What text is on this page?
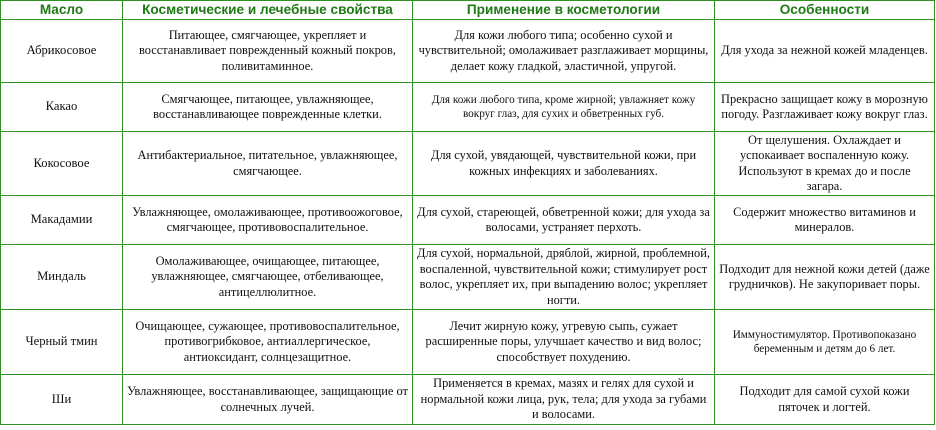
Масло	Косметические и лечебные свойства	Применение в косметологии	Особенности
Абрикосовое	Питающее, смягчающее, укрепляет и восстанавливает поврежденный кожный покров, поливитаминное.	Для кожи любого типа; особенно сухой и чувствительной; омолаживает разглаживает морщины, делает кожу гладкой, эластичной, упругой.	Для ухода за нежной кожей младенцев.
Какао	Смягчающее, питающее, увлажняющее, восстанавливающее поврежденные клетки.	Для кожи любого типа, кроме жирной; увлажняет кожу вокруг глаз, для сухих и обветренных губ.	Прекрасно защищает кожу в морозную погоду. Разглаживает кожу вокруг глаз.
Кокосовое	Антибактериальное, питательное, увлажняющее, смягчающее.	Для сухой, увядающей, чувствительной кожи, при кожных инфекциях и заболеваниях.	От щелушения. Охлаждает и успокаивает воспаленную кожу. Используют в кремах до и после загара.
Макадамии	Увлажняющее, омолаживающее, противоожоговое, смягчающее, противовоспалительное.	Для сухой, стареющей, обветренной кожи; для ухода за волосами, устраняет перхоть.	Содержит множество витаминов и минералов.
Миндаль	Омолаживающее, очищающее, питающее, увлажняющее, смягчающее, отбеливающее, антицеллюлитное.	Для сухой, нормальной, дряблой, жирной, проблемной, воспаленной, чувствительной кожи; стимулирует рост волос, укрепляет их, при выпадению волос; укрепляет ногти.	Подходит для нежной кожи детей (даже грудничков). Не закупоривает поры.
Черный тмин	Очищающее, сужающее, противовоспалительное, противогрибковое, антиаллергическое, антиоксидант, солнцезащитное.	Лечит жирную кожу, угревую сыпь, сужает расширенные поры, улучшает качество и вид волос; способствует похудению.	Иммуностимулятор. Противопоказано беременным и детям до 6 лет.
Ши	Увлажняющее, восстанавливающее, защищающие от солнечных лучей.	Применяется в кремах, мазях и гелях для сухой и нормальной кожи лица, рук, тела; для ухода за губами и волосами.	Подходит для самой сухой кожи пяточек и логтей.
